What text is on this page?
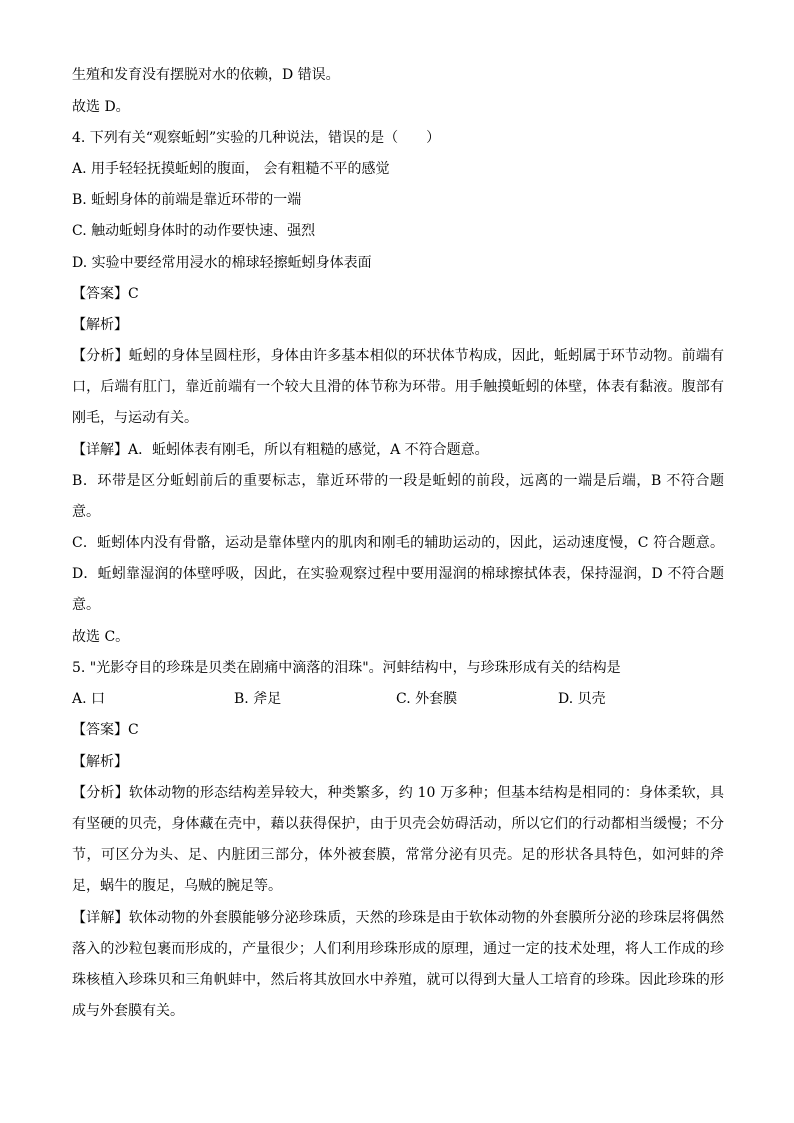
生殖和发育没有摆脱对水的依赖，D 错误。
故选 D。
4. 下列有关“观察蚯蚓”实验的几种说法，错误的是（　　）
A. 用手轻轻抚摸蚯蚓的腹面， 会有粗糙不平的感觉
B. 蚯蚓身体的前端是靠近环带的一端
C. 触动蚯蚓身体时的动作要快速、强烈
D. 实验中要经常用浸水的棉球轻擦蚯蚓身体表面
【答案】C
【解析】
【分析】蚯蚓的身体呈圆柱形，身体由许多基本相似的环状体节构成，因此，蚯蚓属于环节动物。前端有
口，后端有肛门，靠近前端有一个较大且滑的体节称为环带。用手触摸蚯蚓的体壁，体表有黏液。腹部有
刚毛，与运动有关。
【详解】A．蚯蚓体表有刚毛，所以有粗糙的感觉，A 不符合题意。
B．环带是区分蚯蚓前后的重要标志，靠近环带的一段是蚯蚓的前段，远离的一端是后端，B 不符合题
意。
C．蚯蚓体内没有骨骼，运动是靠体壁内的肌肉和刚毛的辅助运动的，因此，运动速度慢，C 符合题意。
D．蚯蚓靠湿润的体壁呼吸，因此，在实验观察过程中要用湿润的棉球擦拭体表，保持湿润，D 不符合题
意。
故选 C。
5. "光影夺目的珍珠是贝类在剧痛中滴落的泪珠"。河蚌结构中，与珍珠形成有关的结构是
A. 口	B. 斧足	C. 外套膜	D. 贝壳
【答案】C
【解析】
【分析】软体动物的形态结构差异较大，种类繁多，约 10 万多种；但基本结构是相同的：身体柔软，具
有坚硬的贝壳，身体藏在壳中，藉以获得保护，由于贝壳会妨碍活动，所以它们的行动都相当缓慢；不分
节，可区分为头、足、内脏团三部分，体外被套膜，常常分泌有贝壳。足的形状各具特色，如河蚌的斧
足，蜗牛的腹足，乌贼的腕足等。
【详解】软体动物的外套膜能够分泌珍珠质，天然的珍珠是由于软体动物的外套膜所分泌的珍珠层将偶然
落入的沙粒包裹而形成的，产量很少；人们利用珍珠形成的原理，通过一定的技术处理，将人工作成的珍
珠核植入珍珠贝和三角帆蚌中，然后将其放回水中养殖，就可以得到大量人工培育的珍珠。因此珍珠的形
成与外套膜有关。
